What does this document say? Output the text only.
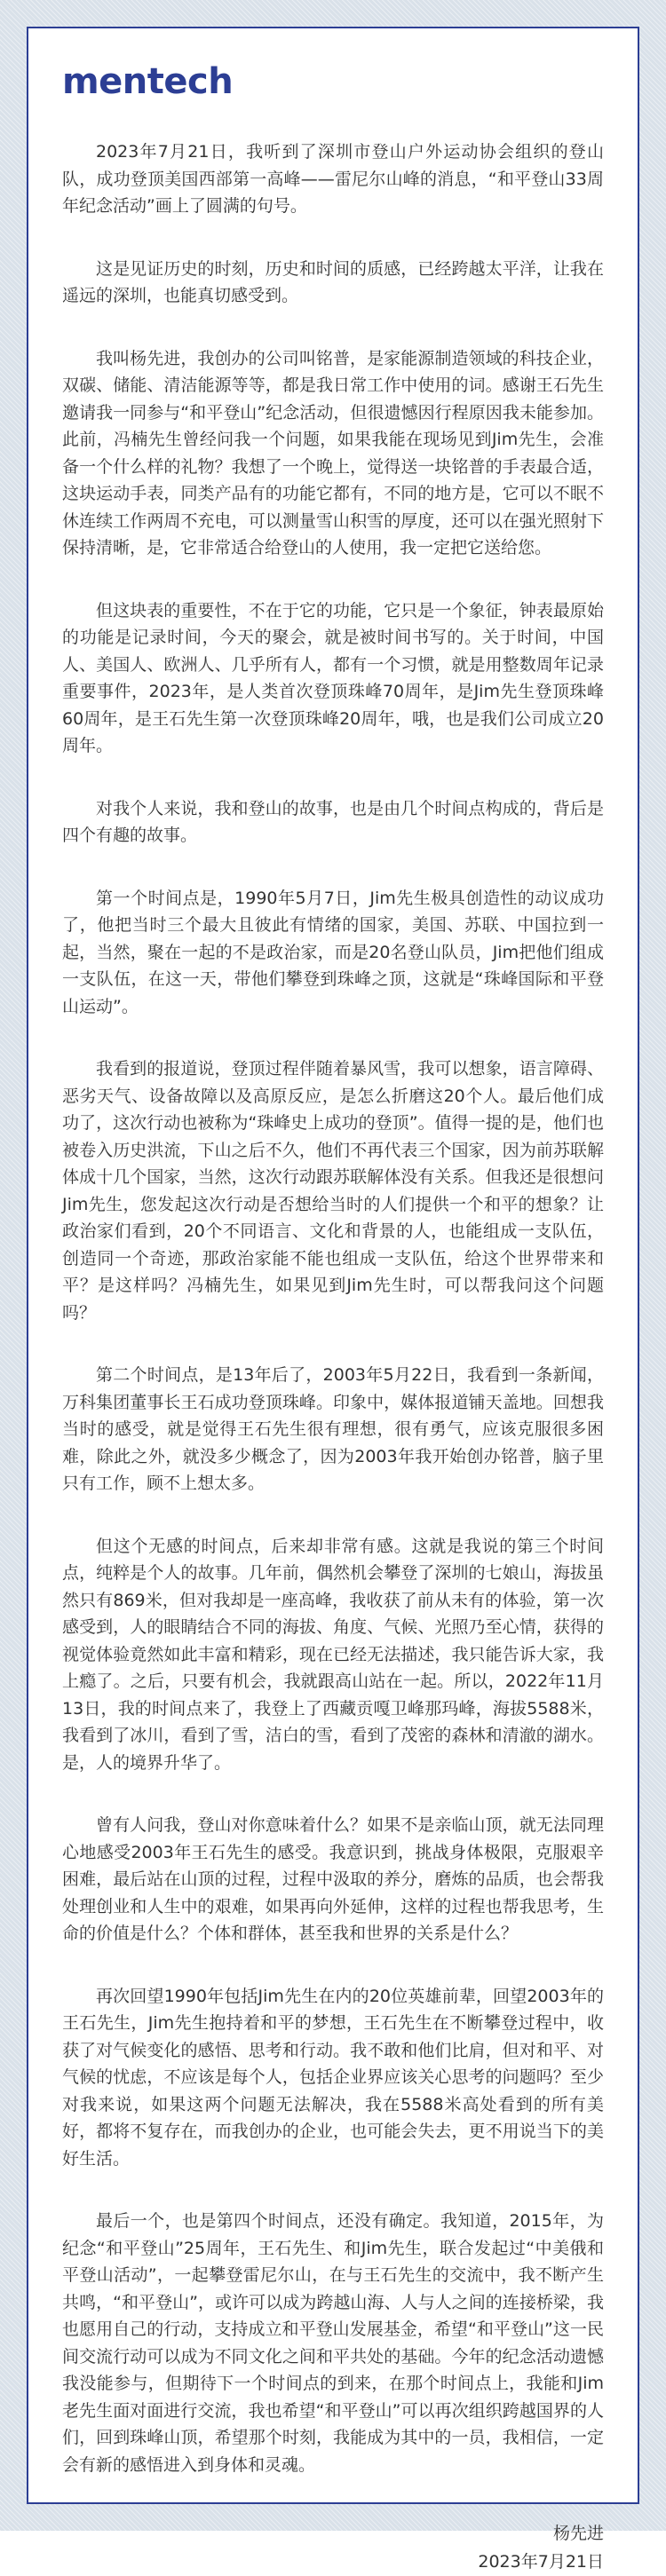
mentech

2023年7月21日，我听到了深圳市登山户外运动协会组织的登山队，成功登顶美国西部第一高峰——雷尼尔山峰的消息，“和平登山33周年纪念活动”画上了圆满的句号。

这是见证历史的时刻，历史和时间的质感，已经跨越太平洋，让我在遥远的深圳，也能真切感受到。

我叫杨先进，我创办的公司叫铭普，是家能源制造领域的科技企业，双碳、储能、清洁能源等等，都是我日常工作中使用的词。感谢王石先生邀请我一同参与“和平登山”纪念活动，但很遗憾因行程原因我未能参加。此前，冯楠先生曾经问我一个问题，如果我能在现场见到Jim先生，会准备一个什么样的礼物？我想了一个晚上，觉得送一块铭普的手表最合适，这块运动手表，同类产品有的功能它都有，不同的地方是，它可以不眠不休连续工作两周不充电，可以测量雪山积雪的厚度，还可以在强光照射下保持清晰，是，它非常适合给登山的人使用，我一定把它送给您。

但这块表的重要性，不在于它的功能，它只是一个象征，钟表最原始的功能是记录时间，今天的聚会，就是被时间书写的。关于时间，中国人、美国人、欧洲人、几乎所有人，都有一个习惯，就是用整数周年记录重要事件，2023年，是人类首次登顶珠峰70周年，是Jim先生登顶珠峰60周年，是王石先生第一次登顶珠峰20周年，哦，也是我们公司成立20周年。

对我个人来说，我和登山的故事，也是由几个时间点构成的，背后是四个有趣的故事。

第一个时间点是，1990年5月7日，Jim先生极具创造性的动议成功了，他把当时三个最大且彼此有情绪的国家，美国、苏联、中国拉到一起，当然，聚在一起的不是政治家，而是20名登山队员，Jim把他们组成一支队伍，在这一天，带他们攀登到珠峰之顶，这就是“珠峰国际和平登山运动”。

我看到的报道说，登顶过程伴随着暴风雪，我可以想象，语言障碍、恶劣天气、设备故障以及高原反应，是怎么折磨这20个人。最后他们成功了，这次行动也被称为“珠峰史上成功的登顶”。值得一提的是，他们也被卷入历史洪流，下山之后不久，他们不再代表三个国家，因为前苏联解体成十几个国家，当然，这次行动跟苏联解体没有关系。但我还是很想问Jim先生，您发起这次行动是否想给当时的人们提供一个和平的想象？让政治家们看到，20个不同语言、文化和背景的人，也能组成一支队伍，创造同一个奇迹，那政治家能不能也组成一支队伍，给这个世界带来和平？是这样吗？冯楠先生，如果见到Jim先生时，可以帮我问这个问题吗？

第二个时间点，是13年后了，2003年5月22日，我看到一条新闻，万科集团董事长王石成功登顶珠峰。印象中，媒体报道铺天盖地。回想我当时的感受，就是觉得王石先生很有理想，很有勇气，应该克服很多困难，除此之外，就没多少概念了，因为2003年我开始创办铭普，脑子里只有工作，顾不上想太多。

但这个无感的时间点，后来却非常有感。这就是我说的第三个时间点，纯粹是个人的故事。几年前，偶然机会攀登了深圳的七娘山，海拔虽然只有869米，但对我却是一座高峰，我收获了前从未有的体验，第一次感受到，人的眼睛结合不同的海拔、角度、气候、光照乃至心情，获得的视觉体验竟然如此丰富和精彩，现在已经无法描述，我只能告诉大家，我上瘾了。之后，只要有机会，我就跟高山站在一起。所以，2022年11月13日，我的时间点来了，我登上了西藏贡嘎卫峰那玛峰，海拔5588米，我看到了冰川，看到了雪，洁白的雪，看到了茂密的森林和清澈的湖水。是，人的境界升华了。

曾有人问我，登山对你意味着什么？如果不是亲临山顶，就无法同理心地感受2003年王石先生的感受。我意识到，挑战身体极限，克服艰辛困难，最后站在山顶的过程，过程中汲取的养分，磨炼的品质，也会帮我处理创业和人生中的艰难，如果再向外延伸，这样的过程也帮我思考，生命的价值是什么？个体和群体，甚至我和世界的关系是什么？

再次回望1990年包括Jim先生在内的20位英雄前辈，回望2003年的王石先生，Jim先生抱持着和平的梦想，王石先生在不断攀登过程中，收获了对气候变化的感悟、思考和行动。我不敢和他们比肩，但对和平、对气候的忧虑，不应该是每个人，包括企业界应该关心思考的问题吗？至少对我来说，如果这两个问题无法解决，我在5588米高处看到的所有美好，都将不复存在，而我创办的企业，也可能会失去，更不用说当下的美好生活。

最后一个，也是第四个时间点，还没有确定。我知道，2015年，为纪念“和平登山”25周年，王石先生、和Jim先生，联合发起过“中美俄和平登山活动”，一起攀登雷尼尔山，在与王石先生的交流中，我不断产生共鸣，“和平登山”，或许可以成为跨越山海、人与人之间的连接桥梁，我也愿用自己的行动，支持成立和平登山发展基金，希望“和平登山”这一民间交流行动可以成为不同文化之间和平共处的基础。今年的纪念活动遗憾我没能参与，但期待下一个时间点的到来，在那个时间点上，我能和Jim老先生面对面进行交流，我也希望“和平登山”可以再次组织跨越国界的人们，回到珠峰山顶，希望那个时刻，我能成为其中的一员，我相信，一定会有新的感悟进入到身体和灵魂。

杨先进
2023年7月21日
